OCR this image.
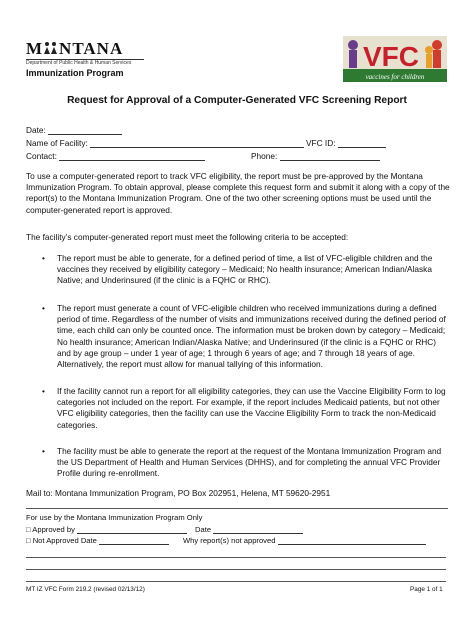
M NTANA
Department of Public Health & Human Services
Immunization Program
VFC
vaccines for children
Request for Approval of a Computer-Generated VFC Screening Report
Date:
Name of Facility:	VFC ID:
Contact:	Phone:
To use a computer-generated report to track VFC eligibility, the report must be pre-approved by the Montana Immunization Program. To obtain approval, please complete this request form and submit it along with a copy of the report(s) to the Montana Immunization Program. One of the two other screening options must be used until the computer-generated report is approved.
The facility’s computer-generated report must meet the following criteria to be accepted:
• The report must be able to generate, for a defined period of time, a list of VFC-eligible children and the vaccines they received by eligibility category – Medicaid; No health insurance; American Indian/Alaska Native; and Underinsured (if the clinic is a FQHC or RHC).
• The report must generate a count of VFC-eligible children who received immunizations during a defined period of time. Regardless of the number of visits and immunizations received during the defined period of time, each child can only be counted once. The information must be broken down by category – Medicaid; No health insurance; American Indian/Alaska Native; and Underinsured (if the clinic is a FQHC or RHC) and by age group – under 1 year of age; 1 through 6 years of age; and 7 through 18 years of age. Alternatively, the report must allow for manual tallying of this information.
• If the facility cannot run a report for all eligibility categories, they can use the Vaccine Eligibility Form to log categories not included on the report. For example, if the report includes Medicaid patients, but not other VFC eligibility categories, then the facility can use the Vaccine Eligibility Form to track the non-Medicaid categories.
• The facility must be able to generate the report at the request of the Montana Immunization Program and the US Department of Health and Human Services (DHHS), and for completing the annual VFC Provider Profile during re-enrollment.
Mail to: Montana Immunization Program, PO Box 202951, Helena, MT 59620-2951
For use by the Montana Immunization Program Only
□ Approved by	Date
□ Not Approved Date	Why report(s) not approved
MT IZ VFC Form 219.2 (revised 02/13/12)	Page 1 of 1
